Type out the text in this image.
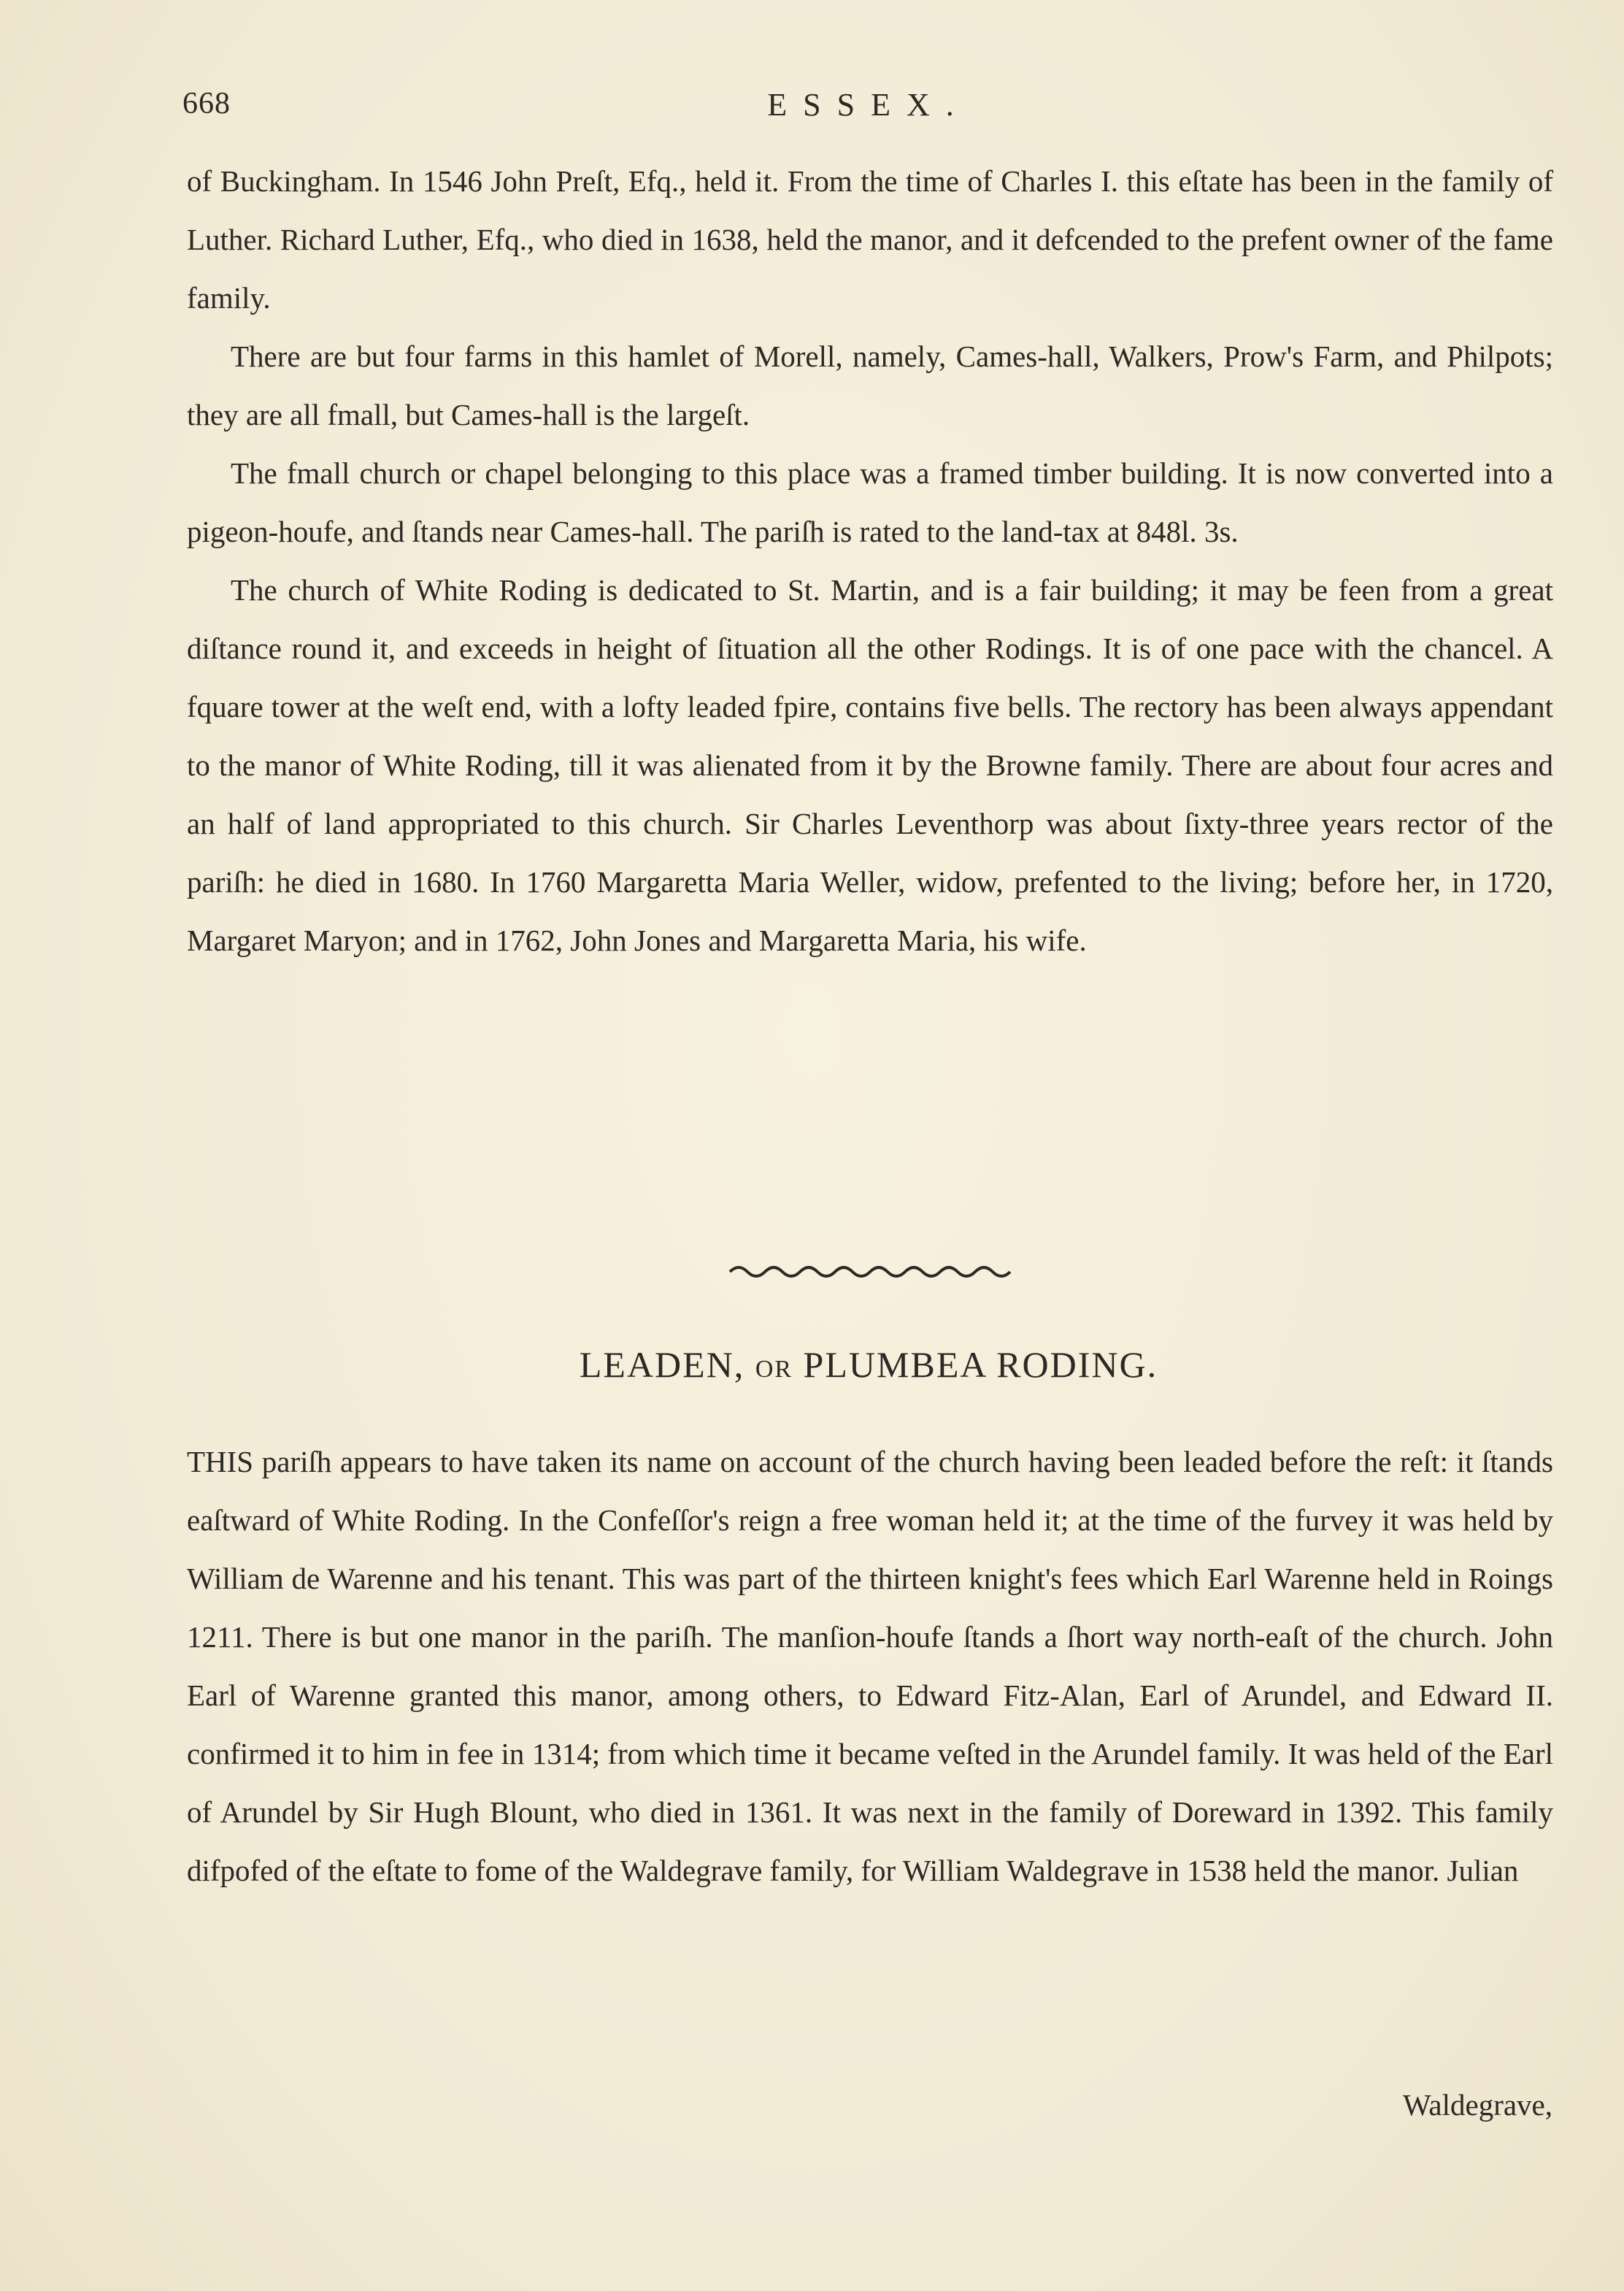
668	ESSEX.

of Buckingham. In 1546 John Preſt, Efq., held it. From the time of Charles I. this eſtate has been in the family of Luther. Richard Luther, Efq., who died in 1638, held the manor, and it defcended to the prefent owner of the fame family.

There are but four farms in this hamlet of Morell, namely, Cames-hall, Walkers, Prow's Farm, and Philpots; they are all fmall, but Cames-hall is the largeſt.

The fmall church or chapel belonging to this place was a framed timber building. It is now converted into a pigeon-houfe, and ſtands near Cames-hall. The pariſh is rated to the land-tax at 848l. 3s.

The church of White Roding is dedicated to St. Martin, and is a fair building; it may be feen from a great diſtance round it, and exceeds in height of ſituation all the other Rodings. It is of one pace with the chancel. A fquare tower at the weſt end, with a lofty leaded fpire, contains five bells. The rectory has been always appendant to the manor of White Roding, till it was alienated from it by the Browne family. There are about four acres and an half of land appropriated to this church. Sir Charles Leventhorp was about ſixty-three years rector of the pariſh: he died in 1680. In 1760 Margaretta Maria Weller, widow, prefented to the living; before her, in 1720, Margaret Maryon; and in 1762, John Jones and Margaretta Maria, his wife.

LEADEN, OR PLUMBEA RODING.

THIS pariſh appears to have taken its name on account of the church having been leaded before the reſt: it ſtands eaſtward of White Roding. In the Confeſſor's reign a free woman held it; at the time of the furvey it was held by William de Warenne and his tenant. This was part of the thirteen knight's fees which Earl Warenne held in Roings 1211. There is but one manor in the pariſh. The manſion-houfe ſtands a ſhort way north-eaſt of the church. John Earl of Warenne granted this manor, among others, to Edward Fitz-Alan, Earl of Arundel, and Edward II. confirmed it to him in fee in 1314; from which time it became veſted in the Arundel family. It was held of the Earl of Arundel by Sir Hugh Blount, who died in 1361. It was next in the family of Doreward in 1392. This family difpofed of the eſtate to fome of the Waldegrave family, for William Waldegrave in 1538 held the manor. Julian

Waldegrave,
